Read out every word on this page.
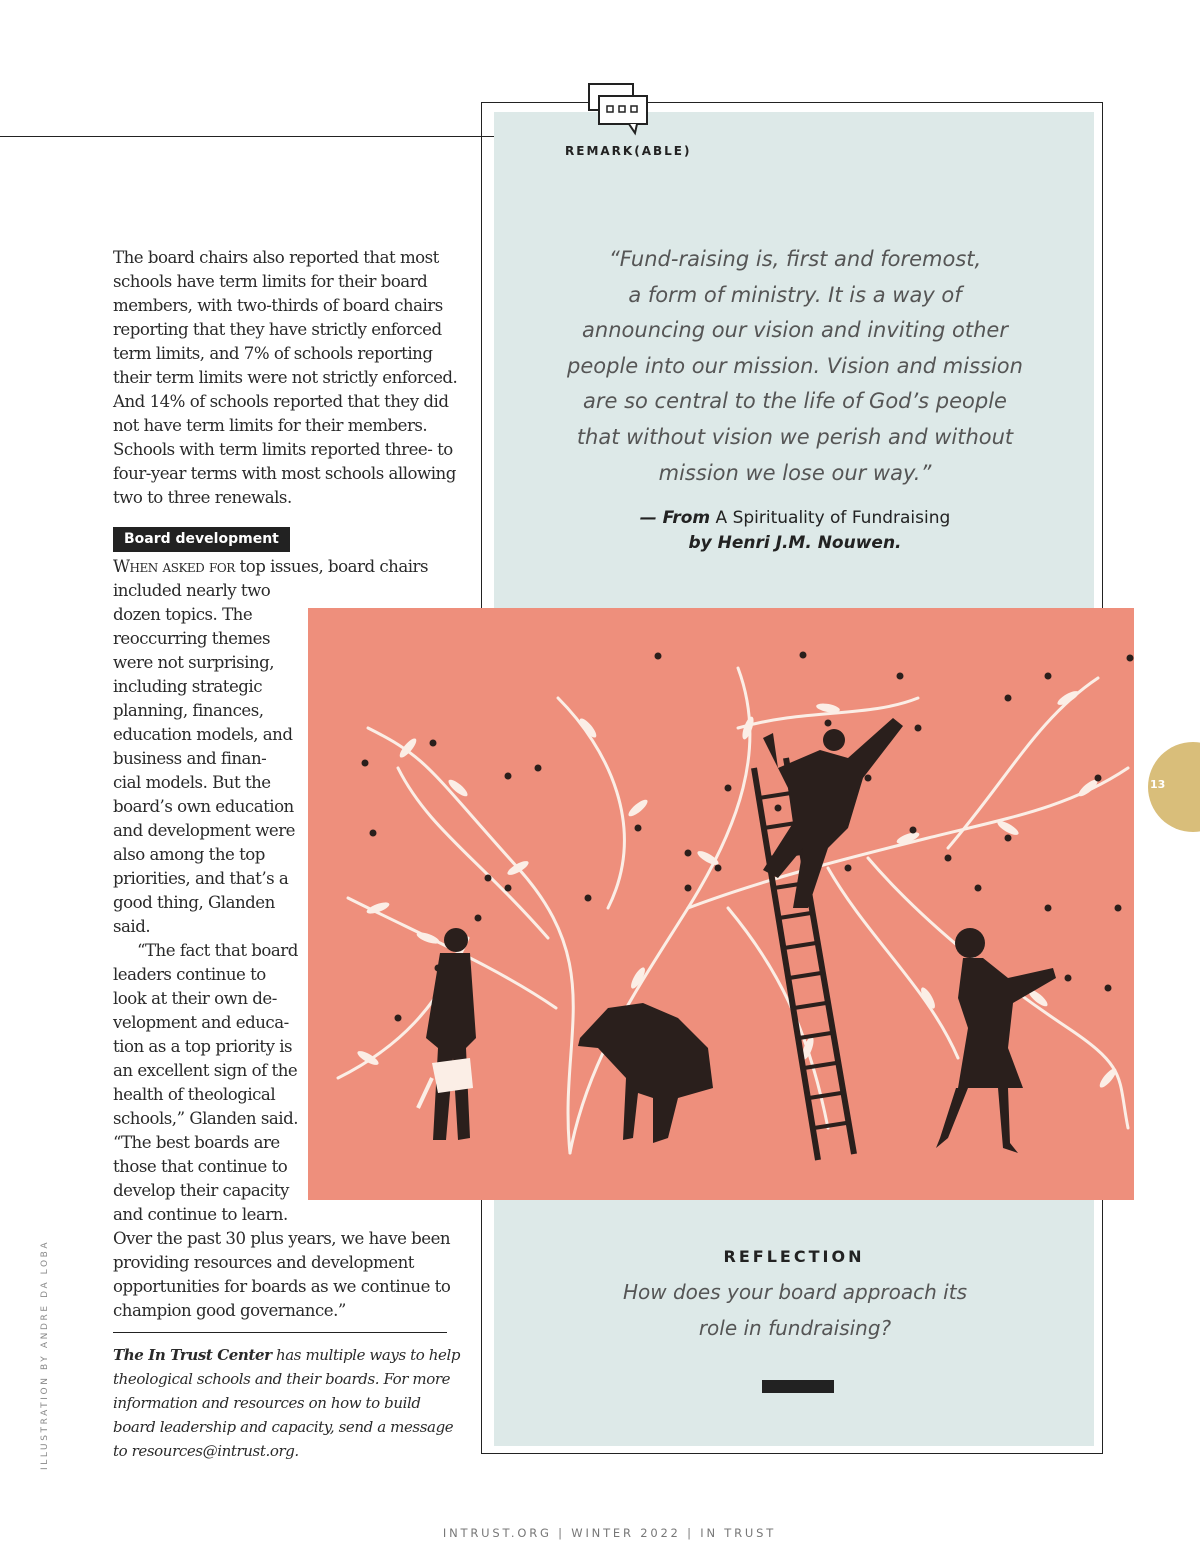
REMARK(ABLE)
“Fund-raising is, first and foremost,
a form of ministry. It is a way of
announcing our vision and inviting other
people into our mission. Vision and mission
are so central to the life of God’s people
that without vision we perish and without
mission we lose our way.”
— From A Spirituality of Fundraising
by Henri J.M. Nouwen.
REFLECTION
How does your board approach its
role in fundraising?
The board chairs also reported that most
schools have term limits for their board
members, with two-thirds of board chairs
reporting that they have strictly enforced
term limits, and 7% of schools reporting
their term limits were not strictly enforced.
And 14% of schools reported that they did
not have term limits for their members.
Schools with term limits reported three- to
four-year terms with most schools allowing
two to three renewals.
Board development
When asked for top issues, board chairs
included nearly two
dozen topics. The
reoccurring themes
were not surprising,
including strategic
planning, finances,
education models, and
business and finan-
cial models. But the
board’s own education
and development were
also among the top
priorities, and that’s a
good thing, Glanden
said.
“The fact that board
leaders continue to
look at their own de-
velopment and educa-
tion as a top priority is
an excellent sign of the
health of theological
schools,” Glanden said.
“The best boards are
those that continue to
develop their capacity
and continue to learn.
Over the past 30 plus years, we have been
providing resources and development
opportunities for boards as we continue to
champion good governance.”
The In Trust Center has multiple ways to help
theological schools and their boards. For more
information and resources on how to build
board leadership and capacity, send a message
to resources@intrust.org.
ILLUSTRATION BY ANDRE DA LOBA
13
INTRUST.ORG | WINTER 2022 | IN TRUST
